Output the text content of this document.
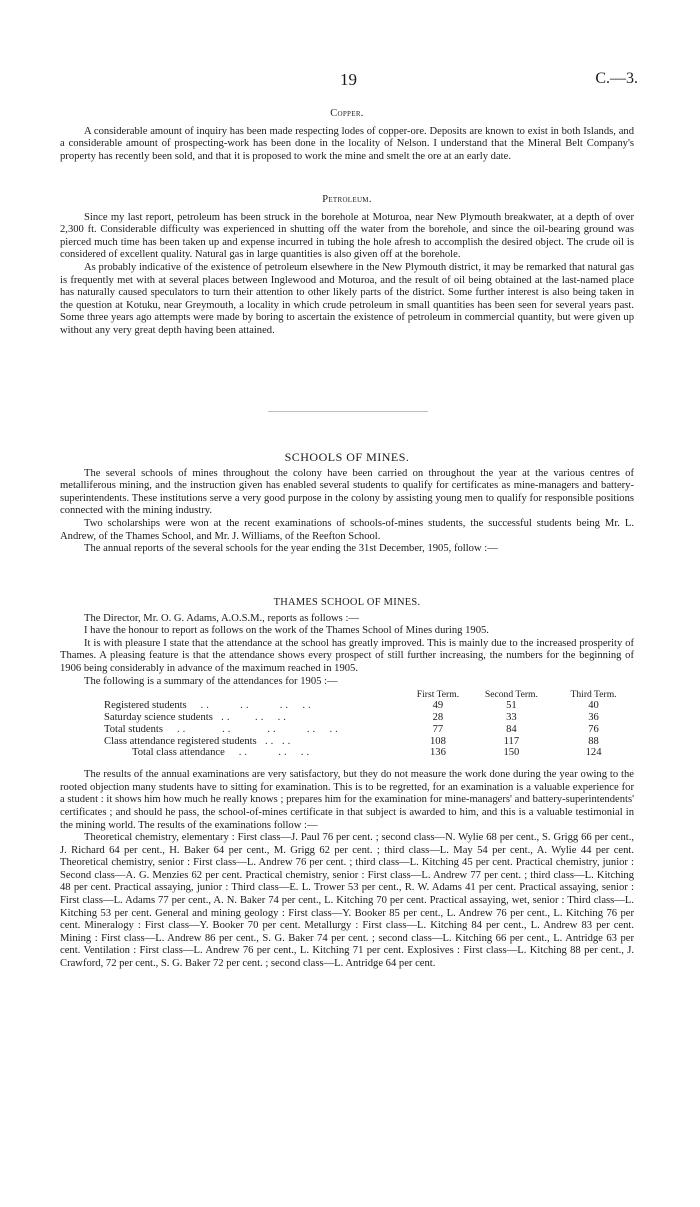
19	C.—3.
Copper.

A considerable amount of inquiry has been made respecting lodes of copper-ore. Deposits are known to exist in both Islands, and a considerable amount of prospecting-work has been done in the locality of Nelson. I understand that the Mineral Belt Company's property has recently been sold, and that it is proposed to work the mine and smelt the ore at an early date.

Petroleum.

Since my last report, petroleum has been struck in the borehole at Moturoa, near New Plymouth breakwater, at a depth of over 2,300 ft. Considerable difficulty was experienced in shutting off the water from the borehole, and since the oil-bearing ground was pierced much time has been taken up and expense incurred in tubing the hole afresh to accomplish the desired object. The crude oil is considered of excellent quality. Natural gas in large quantities is also given off at the borehole.

As probably indicative of the existence of petroleum elsewhere in the New Plymouth district, it may be remarked that natural gas is frequently met with at several places between Inglewood and Moturoa, and the result of oil being obtained at the last-named place has naturally caused speculators to turn their attention to other likely parts of the district. Some further interest is also being taken in the question at Kotuku, near Greymouth, a locality in which crude petroleum in small quantities has been seen for several years past. Some three years ago attempts were made by boring to ascertain the existence of petroleum in commercial quantity, but were given up without any very great depth having been attained.

SCHOOLS OF MINES.

The several schools of mines throughout the colony have been carried on throughout the year at the various centres of metalliferous mining, and the instruction given has enabled several students to qualify for certificates as mine-managers and battery-superintendents. These institutions serve a very good purpose in the colony by assisting young men to qualify for responsible positions connected with the mining industry.

Two scholarships were won at the recent examinations of schools-of-mines students, the successful students being Mr. L. Andrew, of the Thames School, and Mr. J. Williams, of the Reefton School.

The annual reports of the several schools for the year ending the 31st December, 1905, follow :—

THAMES SCHOOL OF MINES.

The Director, Mr. O. G. Adams, A.O.S.M., reports as follows :—

I have the honour to report as follows on the work of the Thames School of Mines during 1905.

It is with pleasure I state that the attendance at the school has greatly improved. This is mainly due to the increased prosperity of Thames. A pleasing feature is that the attendance shows every prospect of still further increasing, the numbers for the beginning of 1906 being considerably in advance of the maximum reached in 1905.

The following is a summary of the attendances for 1905 :—

	First Term.	Second Term.	Third Term.
Registered students   ..     ..     ..  ..	49	51	40
Saturday science students  ..    ..  ..	28	33	36
Total students   ..      ..      ..     ..  ..	77	84	76
Class attendance registered students  .. ..	108	117	88
Total class attendance   ..     ..  ..	136	150	124

The results of the annual examinations are very satisfactory, but they do not measure the work done during the year owing to the rooted objection many students have to sitting for examination. This is to be regretted, for an examination is a valuable experience for a student : it shows him how much he really knows ; prepares him for the examination for mine-managers' and battery-superintendents' certificates ; and should he pass, the school-of-mines certificate in that subject is awarded to him, and this is a valuable testimonial in the mining world. The results of the examinations follow :—

Theoretical chemistry, elementary : First class—J. Paul 76 per cent. ; second class—N. Wylie 68 per cent., S. Grigg 66 per cent., J. Richard 64 per cent., H. Baker 64 per cent., M. Grigg 62 per cent. ; third class—L. May 54 per cent., A. Wylie 44 per cent. Theoretical chemistry, senior : First class—L. Andrew 76 per cent. ; third class—L. Kitching 45 per cent. Practical chemistry, junior : Second class—A. G. Menzies 62 per cent. Practical chemistry, senior : First class—L. Andrew 77 per cent. ; third class—L. Kitching 48 per cent. Practical assaying, junior : Third class—E. L. Trower 53 per cent., R. W. Adams 41 per cent. Practical assaying, senior : First class—L. Adams 77 per cent., A. N. Baker 74 per cent., L. Kitching 70 per cent. Practical assaying, wet, senior : Third class—L. Kitching 53 per cent. General and mining geology : First class—Y. Booker 85 per cent., L. Andrew 76 per cent., L. Kitching 76 per cent. Mineralogy : First class—Y. Booker 70 per cent. Metallurgy : First class—L. Kitching 84 per cent., L. Andrew 83 per cent. Mining : First class—L. Andrew 86 per cent., S. G. Baker 74 per cent. ; second class—L. Kitching 66 per cent., L. Antridge 63 per cent. Ventilation : First class—L. Andrew 76 per cent., L. Kitching 71 per cent. Explosives : First class—L. Kitching 88 per cent., J. Crawford, 72 per cent., S. G. Baker 72 per cent. ; second class—L. Antridge 64 per cent.
